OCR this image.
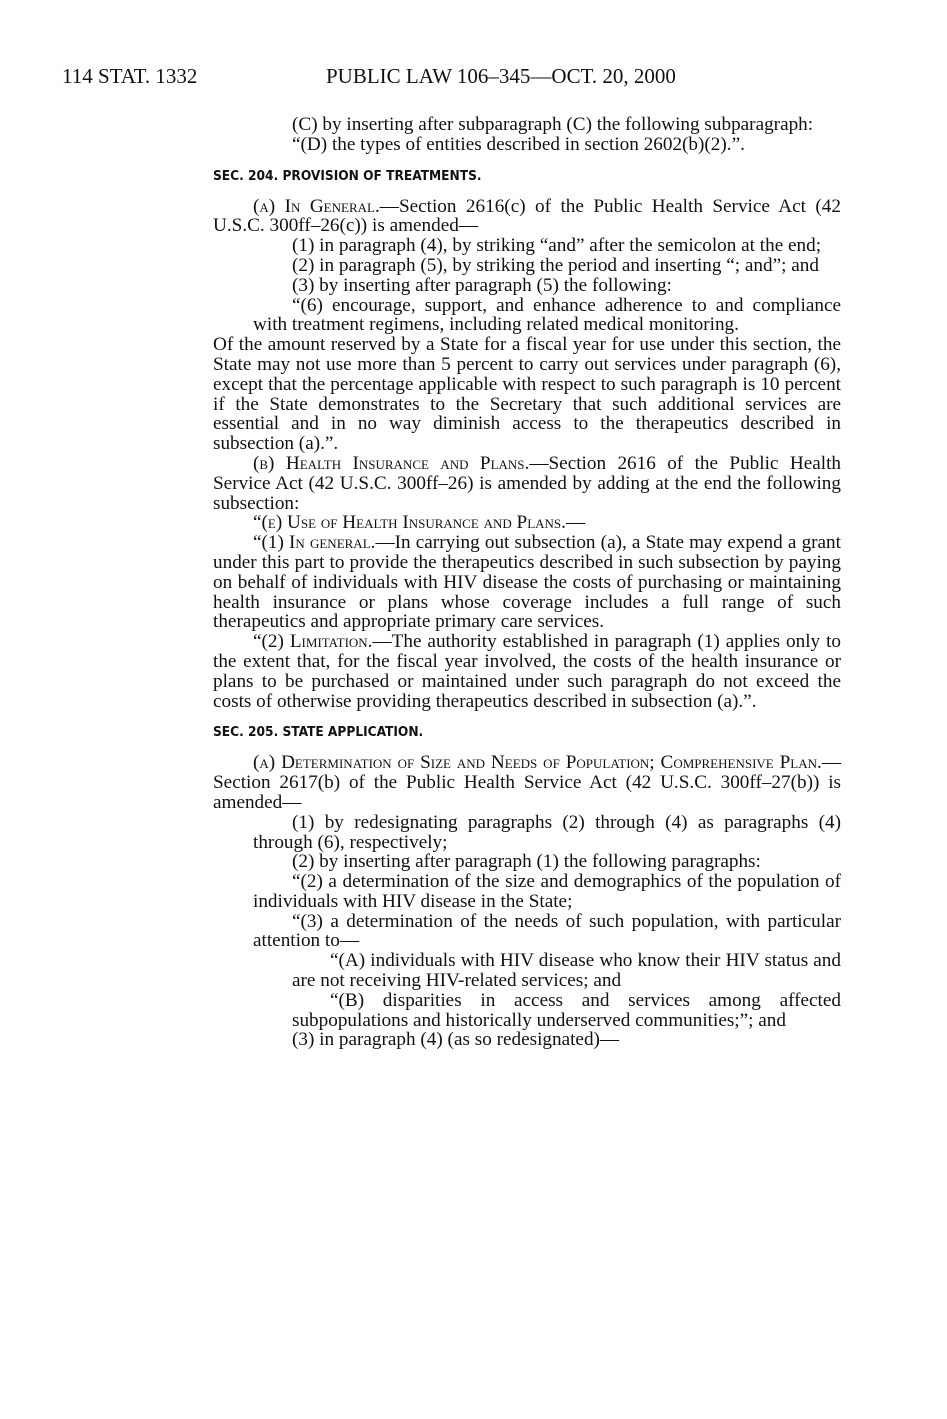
114 STAT. 1332	PUBLIC LAW 106–345—OCT. 20, 2000

(C) by inserting after subparagraph (C) the following subparagraph:

“(D) the types of entities described in section 2602(b)(2).”.

SEC. 204. PROVISION OF TREATMENTS.

(a) In General.—Section 2616(c) of the Public Health Service Act (42 U.S.C. 300ff–26(c)) is amended—

(1) in paragraph (4), by striking “and” after the semicolon at the end;

(2) in paragraph (5), by striking the period and inserting “; and”; and

(3) by inserting after paragraph (5) the following:

“(6) encourage, support, and enhance adherence to and compliance with treatment regimens, including related medical monitoring.

Of the amount reserved by a State for a fiscal year for use under this section, the State may not use more than 5 percent to carry out services under paragraph (6), except that the percentage applicable with respect to such paragraph is 10 percent if the State demonstrates to the Secretary that such additional services are essential and in no way diminish access to the therapeutics described in subsection (a).”.

(b) Health Insurance and Plans.—Section 2616 of the Public Health Service Act (42 U.S.C. 300ff–26) is amended by adding at the end the following subsection:

“(e) Use of Health Insurance and Plans.—

“(1) In general.—In carrying out subsection (a), a State may expend a grant under this part to provide the therapeutics described in such subsection by paying on behalf of individuals with HIV disease the costs of purchasing or maintaining health insurance or plans whose coverage includes a full range of such therapeutics and appropriate primary care services.

“(2) Limitation.—The authority established in paragraph (1) applies only to the extent that, for the fiscal year involved, the costs of the health insurance or plans to be purchased or maintained under such paragraph do not exceed the costs of otherwise providing therapeutics described in subsection (a).”.

SEC. 205. STATE APPLICATION.

(a) Determination of Size and Needs of Population; Comprehensive Plan.—Section 2617(b) of the Public Health Service Act (42 U.S.C. 300ff–27(b)) is amended—

(1) by redesignating paragraphs (2) through (4) as paragraphs (4) through (6), respectively;

(2) by inserting after paragraph (1) the following paragraphs:

“(2) a determination of the size and demographics of the population of individuals with HIV disease in the State;

“(3) a determination of the needs of such population, with particular attention to—

“(A) individuals with HIV disease who know their HIV status and are not receiving HIV-related services; and

“(B) disparities in access and services among affected subpopulations and historically underserved communities;”; and

(3) in paragraph (4) (as so redesignated)—
